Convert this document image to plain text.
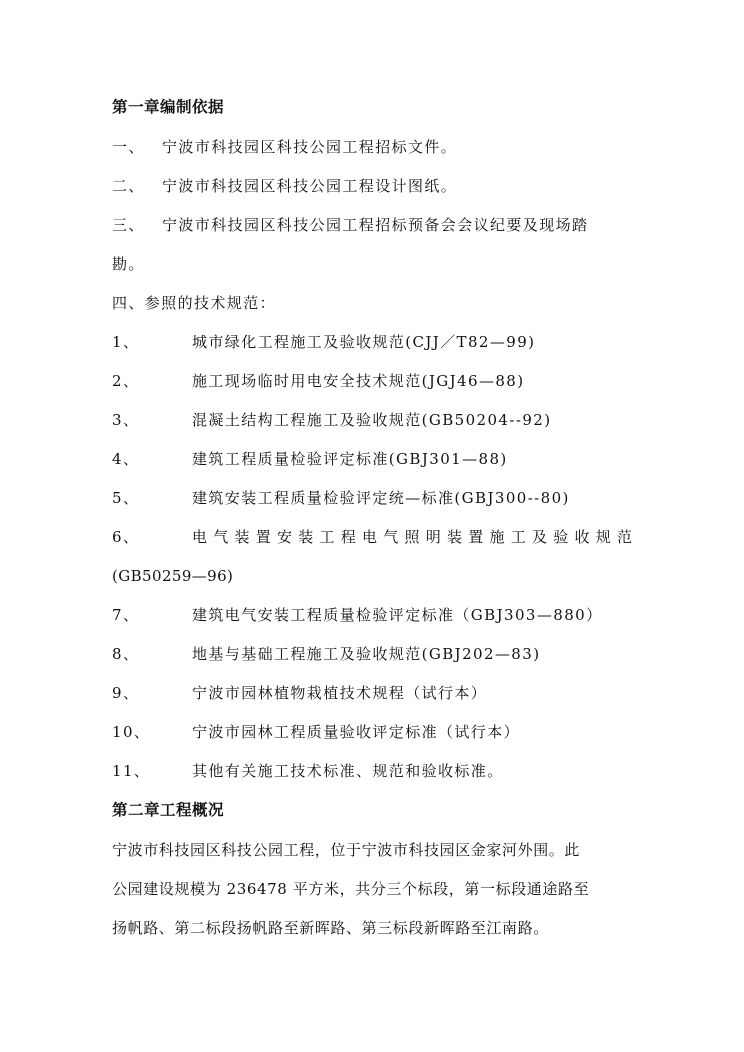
第一章编制依据
一、 宁波市科技园区科技公园工程招标文件。
二、 宁波市科技园区科技公园工程设计图纸。
三、 宁波市科技园区科技公园工程招标预备会会议纪要及现场踏
勘。
四、参照的技术规范：
1、	城市绿化工程施工及验收规范(CJJ／T82—99)
2、	施工现场临时用电安全技术规范(JGJ46—88)
3、	混凝土结构工程施工及验收规范(GB50204--92)
4、	建筑工程质量检验评定标准(GBJ301—88)
5、	建筑安装工程质量检验评定统—标准(GBJ300--80)
6、	电气装置安装工程电气照明装置施工及验收规范
(GB50259—96)
7、	建筑电气安装工程质量检验评定标准（GBJ303—880）
8、	地基与基础工程施工及验收规范(GBJ202—83)
9、	宁波市园林植物栽植技术规程（试行本）
10、	宁波市园林工程质量验收评定标准（试行本）
11、	其他有关施工技术标准、规范和验收标准。
第二章工程概况
宁波市科技园区科技公园工程，位于宁波市科技园区金家河外围。此
公园建设规模为 236478 平方米，共分三个标段，第一标段通途路至
扬帆路、第二标段扬帆路至新晖路、第三标段新晖路至江南路。
